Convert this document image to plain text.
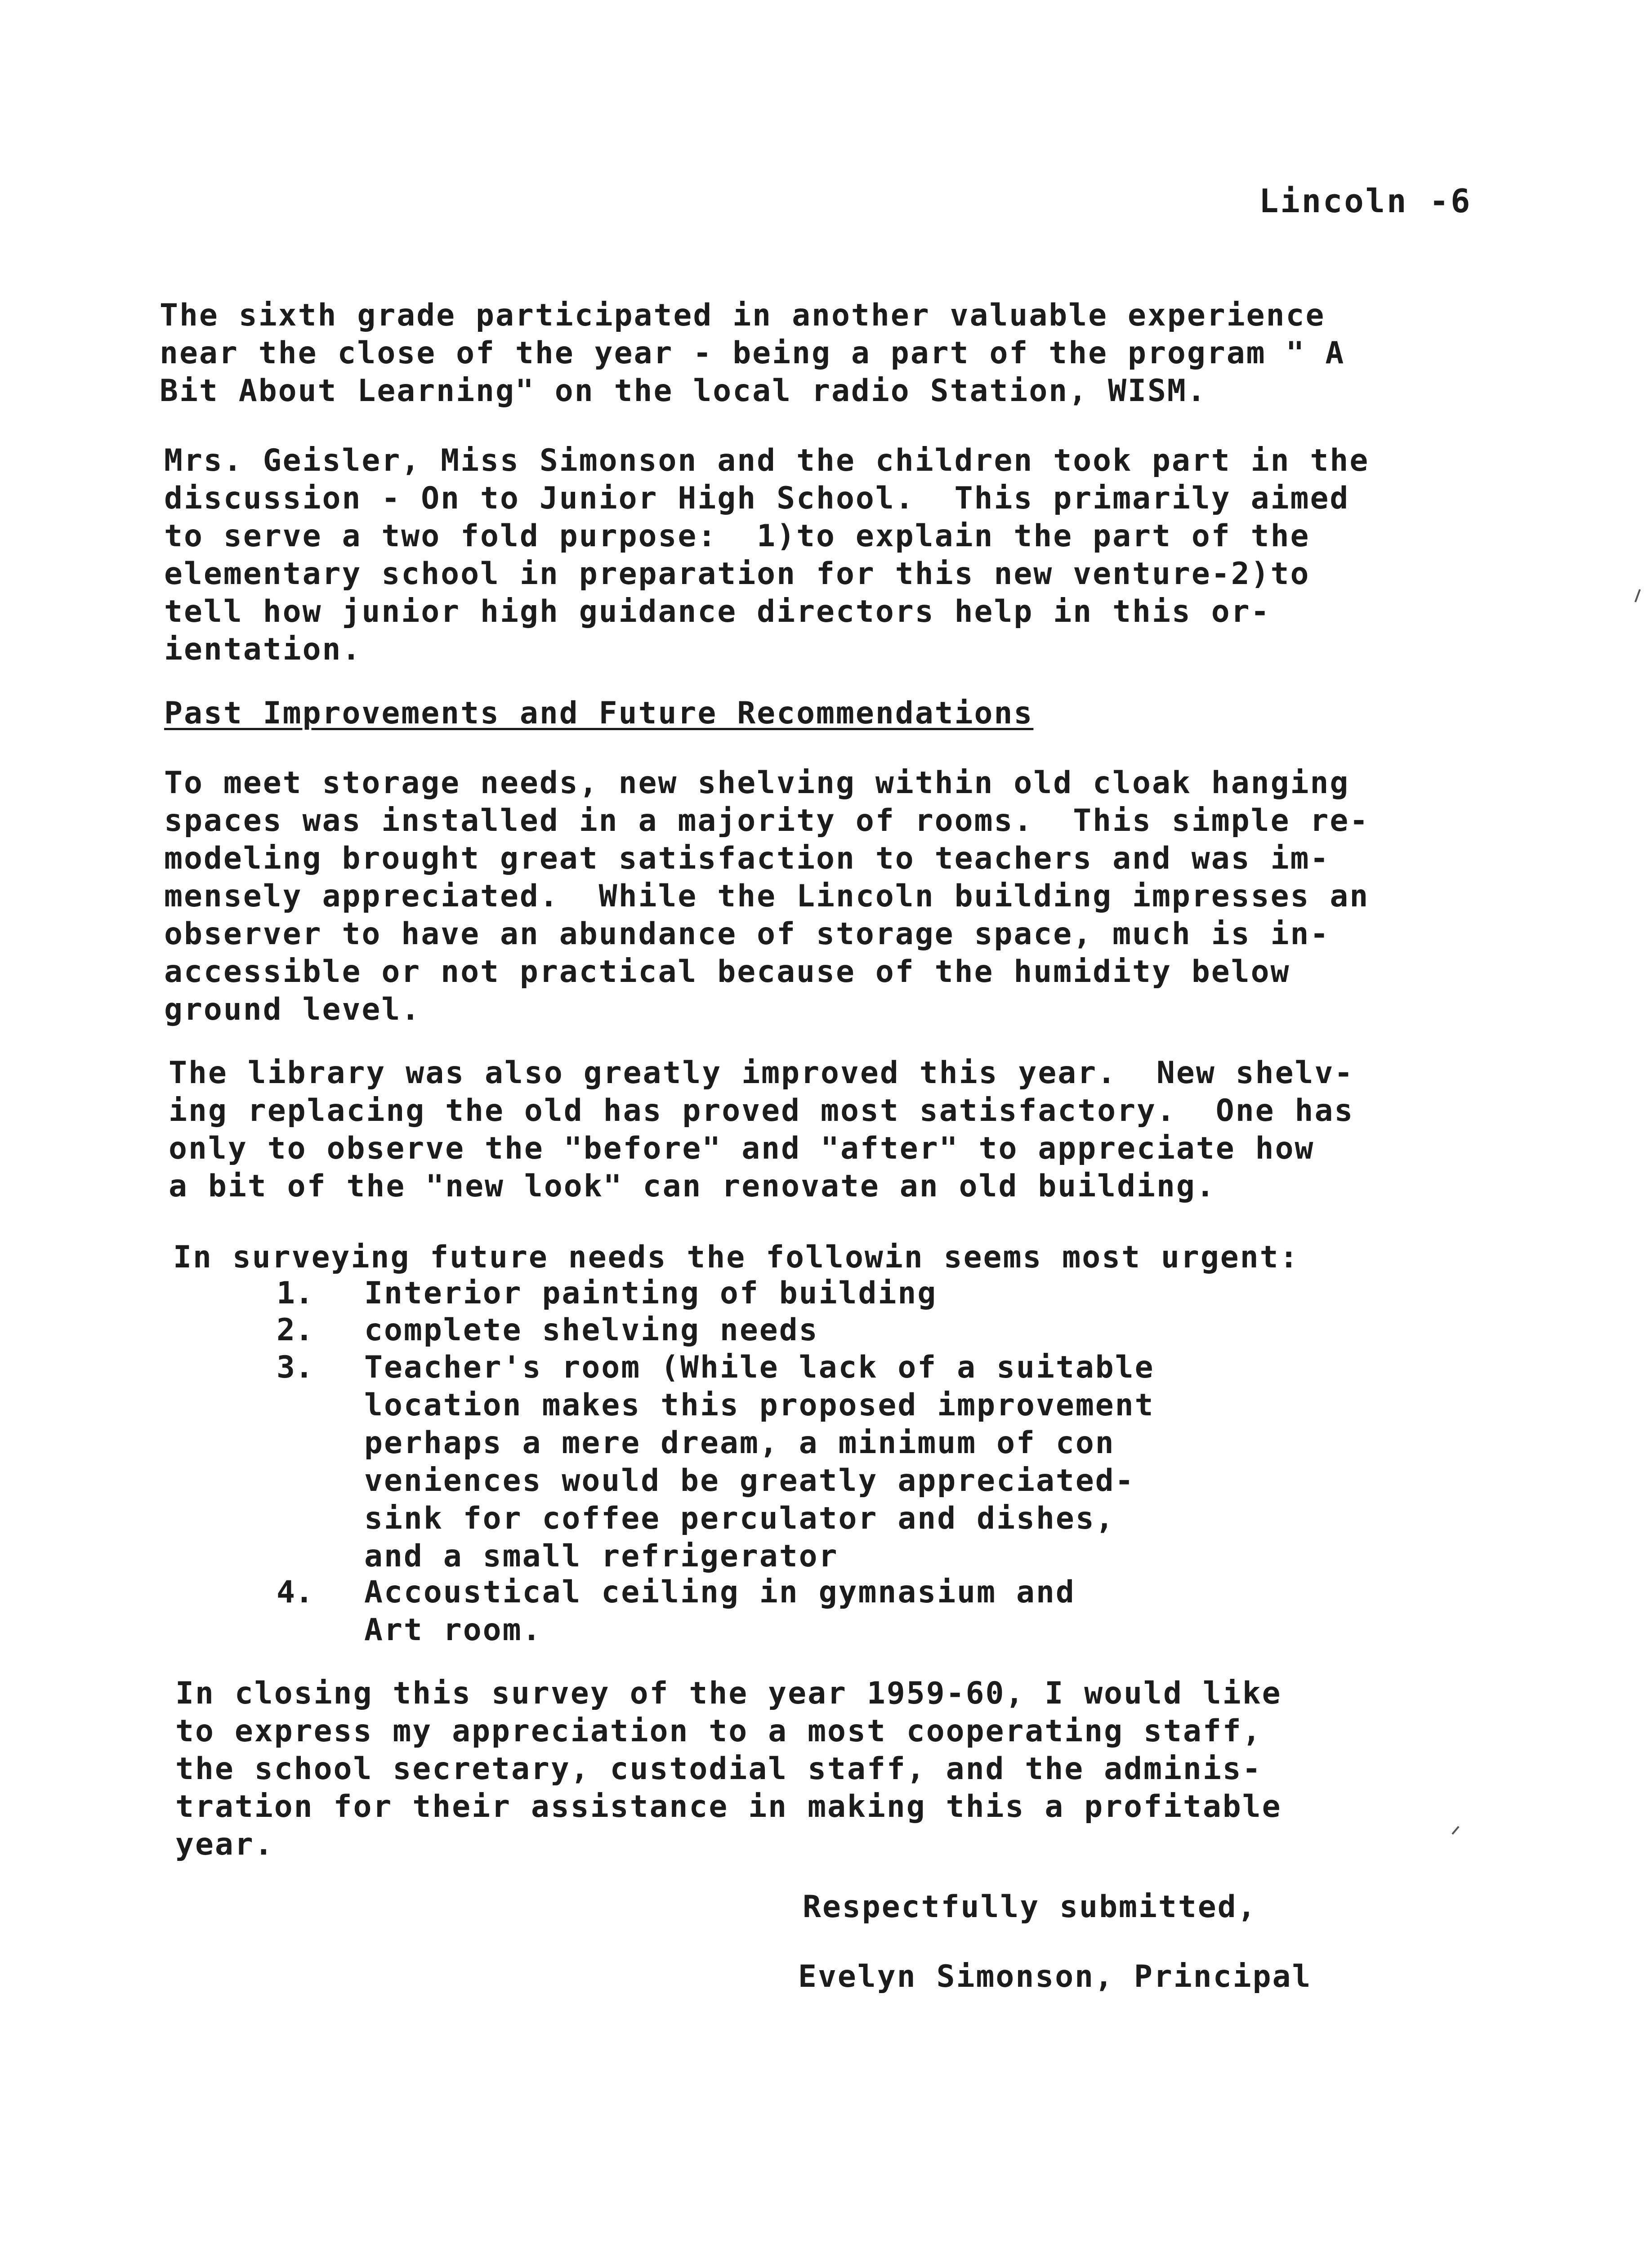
Lincoln -6
The sixth grade participated in another valuable experience
near the close of the year - being a part of the program " A
Bit About Learning" on the local radio Station, WISM.
Mrs. Geisler, Miss Simonson and the children took part in the
discussion - On to Junior High School.  This primarily aimed
to serve a two fold purpose:  1)to explain the part of the
elementary school in preparation for this new venture-2)to
tell how junior high guidance directors help in this or-
ientation.
Past Improvements and Future Recommendations
To meet storage needs, new shelving within old cloak hanging
spaces was installed in a majority of rooms.  This simple re-
modeling brought great satisfaction to teachers and was im-
mensely appreciated.  While the Lincoln building impresses an
observer to have an abundance of storage space, much is in-
accessible or not practical because of the humidity below
ground level.
The library was also greatly improved this year.  New shelv-
ing replacing the old has proved most satisfactory.  One has
only to observe the "before" and "after" to appreciate how
a bit of the "new look" can renovate an old building.
In surveying future needs the followin seems most urgent:
1. Interior painting of building
2. complete shelving needs
3. Teacher's room (While lack of a suitable
location makes this proposed improvement
perhaps a mere dream, a minimum of con
veniences would be greatly appreciated-
sink for coffee perculator and dishes,
and a small refrigerator
4. Accoustical ceiling in gymnasium and
Art room.
In closing this survey of the year 1959-60, I would like
to express my appreciation to a most cooperating staff,
the school secretary, custodial staff, and the adminis-
tration for their assistance in making this a profitable
year.
Respectfully submitted,
Evelyn Simonson, Principal
